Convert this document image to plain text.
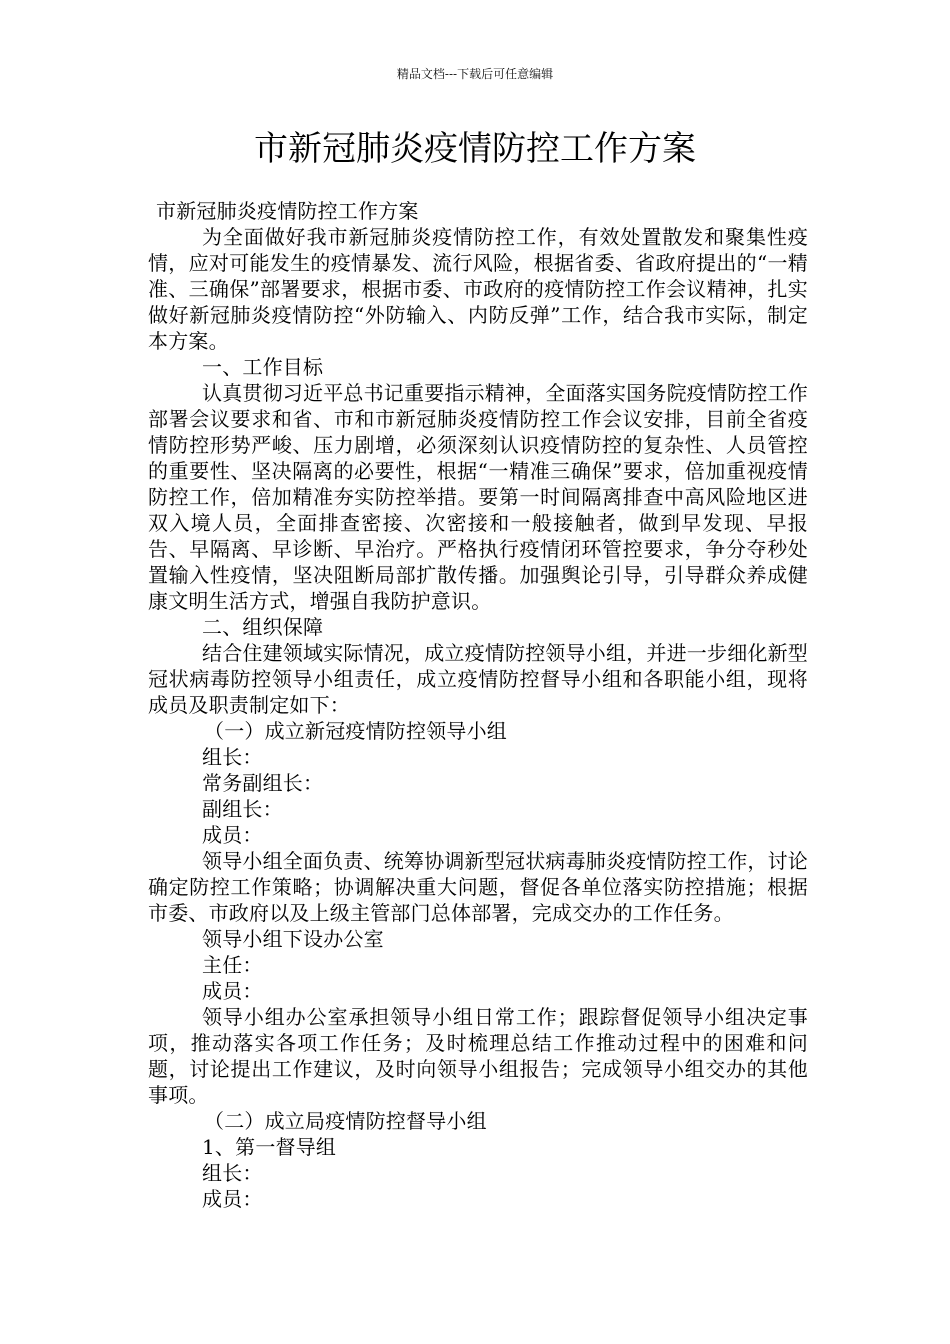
精品文档---下载后可任意编辑
市新冠肺炎疫情防控工作方案

市新冠肺炎疫情防控工作方案

为全面做好我市新冠肺炎疫情防控工作，有效处置散发和聚集性疫情，应对可能发生的疫情暴发、流行风险，根据省委、省政府提出的“一精准、三确保”部署要求，根据市委、市政府的疫情防控工作会议精神，扎实做好新冠肺炎疫情防控“外防输入、内防反弹”工作，结合我市实际，制定本方案。

一、工作目标

认真贯彻习近平总书记重要指示精神，全面落实国务院疫情防控工作部署会议要求和省、市和市新冠肺炎疫情防控工作会议安排，目前全省疫情防控形势严峻、压力剧增，必须深刻认识疫情防控的复杂性、人员管控的重要性、坚决隔离的必要性，根据“一精准三确保”要求，倍加重视疫情防控工作，倍加精准夯实防控举措。要第一时间隔离排查中高风险地区进双入境人员，全面排查密接、次密接和一般接触者，做到早发现、早报告、早隔离、早诊断、早治疗。严格执行疫情闭环管控要求，争分夺秒处置输入性疫情，坚决阻断局部扩散传播。加强舆论引导，引导群众养成健康文明生活方式，增强自我防护意识。

二、组织保障

结合住建领域实际情况，成立疫情防控领导小组，并进一步细化新型冠状病毒防控领导小组责任，成立疫情防控督导小组和各职能小组，现将成员及职责制定如下：

（一）成立新冠疫情防控领导小组

组长：

常务副组长：

副组长：

成员：

领导小组全面负责、统筹协调新型冠状病毒肺炎疫情防控工作，讨论确定防控工作策略；协调解决重大问题，督促各单位落实防控措施；根据市委、市政府以及上级主管部门总体部署，完成交办的工作任务。

领导小组下设办公室

主任：

成员：

领导小组办公室承担领导小组日常工作；跟踪督促领导小组决定事项，推动落实各项工作任务；及时梳理总结工作推动过程中的困难和问题，讨论提出工作建议，及时向领导小组报告；完成领导小组交办的其他事项。

（二）成立局疫情防控督导小组

1、第一督导组

组长：

成员：
